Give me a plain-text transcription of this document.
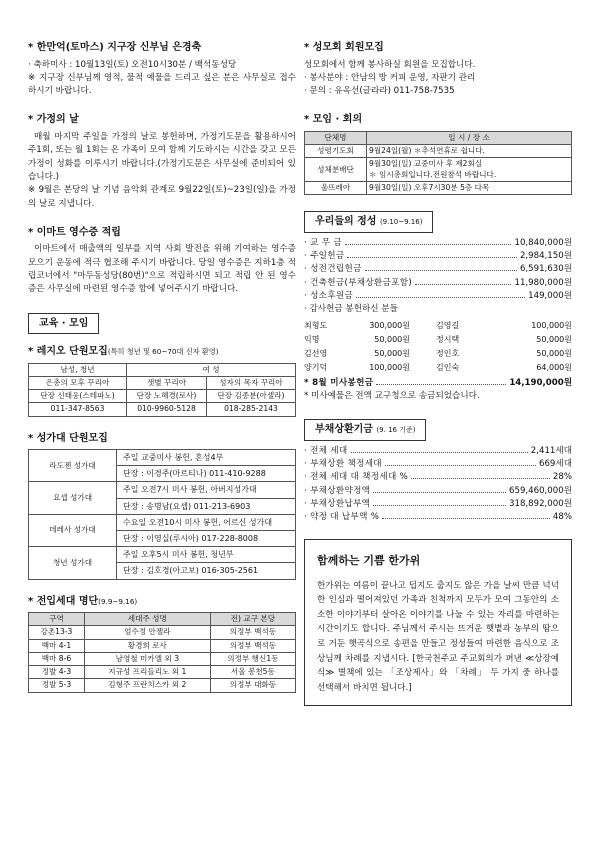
* 한만억(토마스) 지구장 신부님 은경축

· 축하미사 : 10월13일(토) 오전10시30분 / 백석동성당

※ 지구장 신부님께 영적, 물적 예물을 드리고 싶은 분은 사무실로 접수 하시기 바랍니다.

* 가정의 날

매월 마지막 주일을 가정의 날로 봉헌하며, 가정기도문을 활용하시어 주1회, 또는 월 1회는 온 가족이 모여 함께 기도하시는 시간을 갖고 모든 가정이 성화를 이루시기 바랍니다.(가정기도문은 사무실에 준비되어 있습니다.)

※ 9월은 본당의 날 기념 음악회 관계로 9월22일(토)~23일(일)을 가정의 날로 지냅니다.

* 이마트 영수증 적립

이마트에서 매출액의 일부를 지역 사회 발전을 위해 기여하는 영수증 모으기 운동에 적극 협조해 주시기 바랍니다. 당일 영수증은 지하1층 적립코너에서 "마두동성당(80번)"으로 적립하시면 되고 적립 안 된 영수증은 사무실에 마련된 영수증 함에 넣어주시기 바랍니다.

교육 · 모임
* 레지오 단원모집(특히 청년 및 60~70대 신자 환영)
남성, 청년	여 성	
은총의 모후 꾸리아	샛별 꾸리아	성자의 목자 꾸리아
단장 신태웅(스테파노)	단장 노혜경(로사)	단장 김종분(아셀라)
011-347-8563	010-9960-5128	018-285-2143
* 성가대 단원모집
라도젠 성가대	주일 교중미사 봉헌, 혼성4부
	단장 : 이경주(마르티나) 011-410-9288
요셉 성가대	주일 오전7시 미사 봉헌, 아버지성가대
	단장 : 송명남(요셉) 011-213-6903
데레사 성가대	수요일 오전10시 미사 봉헌, 어르신 성가대
	단장 : 이영실(루시아) 017-228-8008
청년 성가대	주일 오후5시 미사 봉헌, 청년부
	단장 : 김호경(아고보) 016-305-2561
* 전입세대 명단(9.9~9.16)
구역	세대주 성명	전) 교구 본당
강촌13-3	엄수정 안젤라	의정부 백석동
백마 4-1	황경희 로사	의정부 백석동
백마 8-6	남영철 미카엘 외 3	의정부 행신1동
정발 4-3	지규성 프리들리노 외 1	서울 봉천5동
정발 5-3	김형주 프란치스카 외 2	의정부 대화동
* 성모회 회원모집

성모회에서 함께 봉사하실 회원을 모집합니다.

· 봉사분야 : 안남의 방 커피 운영, 자판기 관리

· 문의 : 유옥선(글라라) 011-758-7535

* 모임 · 회의
단체명	일 시 / 장 소
성령기도회	9월24일(월) ＊추석연휴로 쉽니다.
성체분배단	9월30일(일) 교중미사 후 제2회실
＊ 임시총회입니다.전원참석 바랍니다.

울뜨레아	9월30일(일) 오후7시30분 5층 다목
우리들의 정성 (9.10~9.16)
· 교 무 금	10,840,000원
· 주일헌금	2,984,150원
· 성전건립헌금	6,591,630원
· 건축헌금(부채상환금포함)	11,980,000원
· 성소후원금	149,000원
· 감사헌금 봉헌하신 분들
최형도	300,000원	김영길	100,000원
익명	50,000원	정시택	50,000원
김선영	50,000원	정인호	50,000원
양기덕	100,000원	김인숙	64,000원
* 8월 미사봉헌금	14,190,000원
* 미사예물은 전액 교구청으로 송금되었습니다.
부채상환기금 (9. 16 기준)
· 전체 세대	2,411세대
· 부채상환 책정세대	669세대
· 전체 세대 대 책정세대 %	28%
· 부채상환약정액	659,460,000원
· 부채상환납부액	318,892,000원
· 약정 대 납부액 %	48%
함께하는 기쁨 한가위

한가위는 여름이 끝나고 덥지도 춥지도 않은 가을 날씨 만큼 넉넉한 인심과 떨어져있던 가족과 친척까지 모두가 모여 그동안의 소소한 이야기부터 살아온 이야기를 나눌 수 있는 자리를 마련하는 시간이기도 합니다. 주님께서 주시는 뜨거운 햇볕과 농부의 땀으로 거둔 햇곡식으로 송편을 만들고 정성들여 마련한 음식으로 조상님께 차례를 지냅시다. [한국천주교 주교회의가 펴낸 ≪상장예식≫ 별책에 있는 「조상제사」와 「차례」 두 가지 중 하나를 선택해서 바치면 됩니다.]
